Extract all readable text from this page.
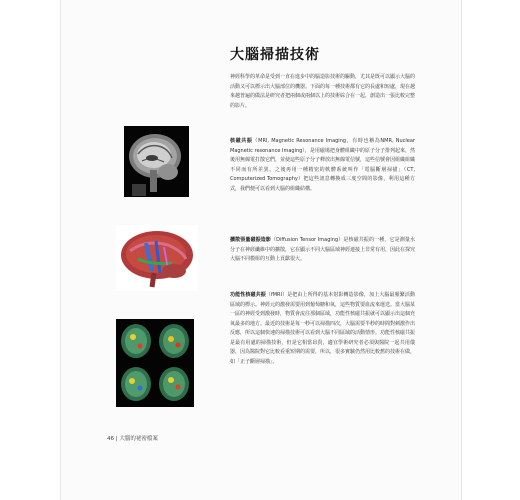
大腦掃描技術
神經科學的革命是受到一直在進步中的腦造影技術的驅動，尤其是既可以顯示大腦的活動又可以標示出大腦部位的機器。下面的每一種技術都有它的長處和短處，現在越來越普遍的做法是研究者把兩個或兩個以上的技術綜合在一起，創造出一張比較完整的影片。
核磁共振（MRI, Magnetic Resonance Imaging，有時也稱為NMR, Nuclear Magnetic resonance Imaging），是用磁場把身體組織中的原子分子排列起來，然後用無線電打散它們，並使這些原子分子釋放出無線電信號，這些信號會因組織組織不同而有所差異。之後再用一種精密的軟體系統叫作「電腦斷層掃描」（CT, Computerized Tomography）把這些訊息轉換成三度空間的影像，利用這種方式，我們便可以看到大腦的組織結構。
擴散張量磁振造影（Diffusion Tensor Imaging）是核磁共振的一種，它是測量水分子在神經纖維中的擴散，它在顯示不同大腦區域神經連接上非常有用，因此在探究大腦不同模組的互動上貢獻很大。
功能性核磁共振（fMRI）是把由上所得的基本射影轉造影像，加上大腦最頻繁活動區域的標示。神經元的激發需要用到葡萄糖和氧，這些物質要血流來運送。當大腦某一區的神經受到激發時，物質會流往那個區域，功能性核磁共振就可以顯示出這個充氧最多的地方。最近的技術是每一秒可以掃描四次，大腦需要半秒的時間對刺激作出反應，所以這個快速的掃描技術可以看到大腦不同區域的活動情形。功能性核磁共振是最有用處的掃描技術，但是它相當昂貴，適宜學術研究者必須與醫院一起共用儀器，因為醫院對它比較看重短期的需要，所以，很多實驗仍然用比較舊的技術在做，如「正子斷層掃描」。
46 | 大腦的祕密檔案
